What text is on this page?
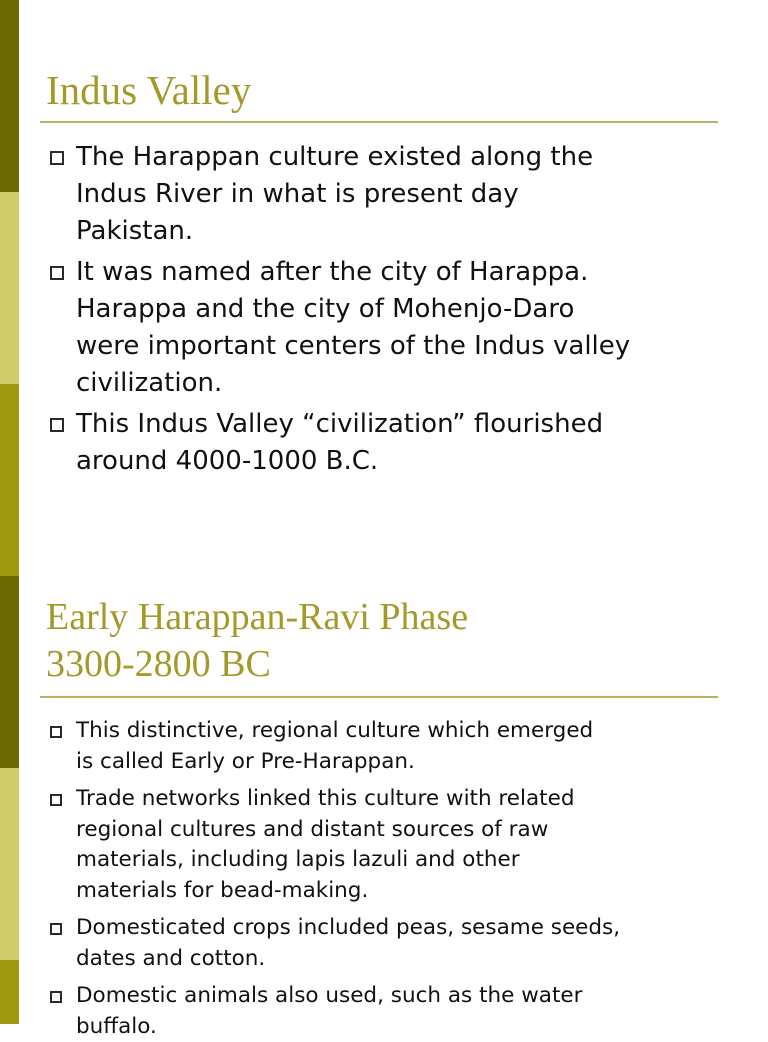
Indus Valley
The Harappan culture existed along the
Indus River in what is present day
Pakistan.
It was named after the city of Harappa.
Harappa and the city of Mohenjo-Daro
were important centers of the Indus valley
civilization.
This Indus Valley “civilization” flourished
around 4000-1000 B.C.
Early Harappan-Ravi Phase
3300-2800 BC
This distinctive, regional culture which emerged
is called Early or Pre-Harappan.
Trade networks linked this culture with related
regional cultures and distant sources of raw
materials, including lapis lazuli and other
materials for bead-making.
Domesticated crops included peas, sesame seeds,
dates and cotton.
Domestic animals also used, such as the water
buffalo.
